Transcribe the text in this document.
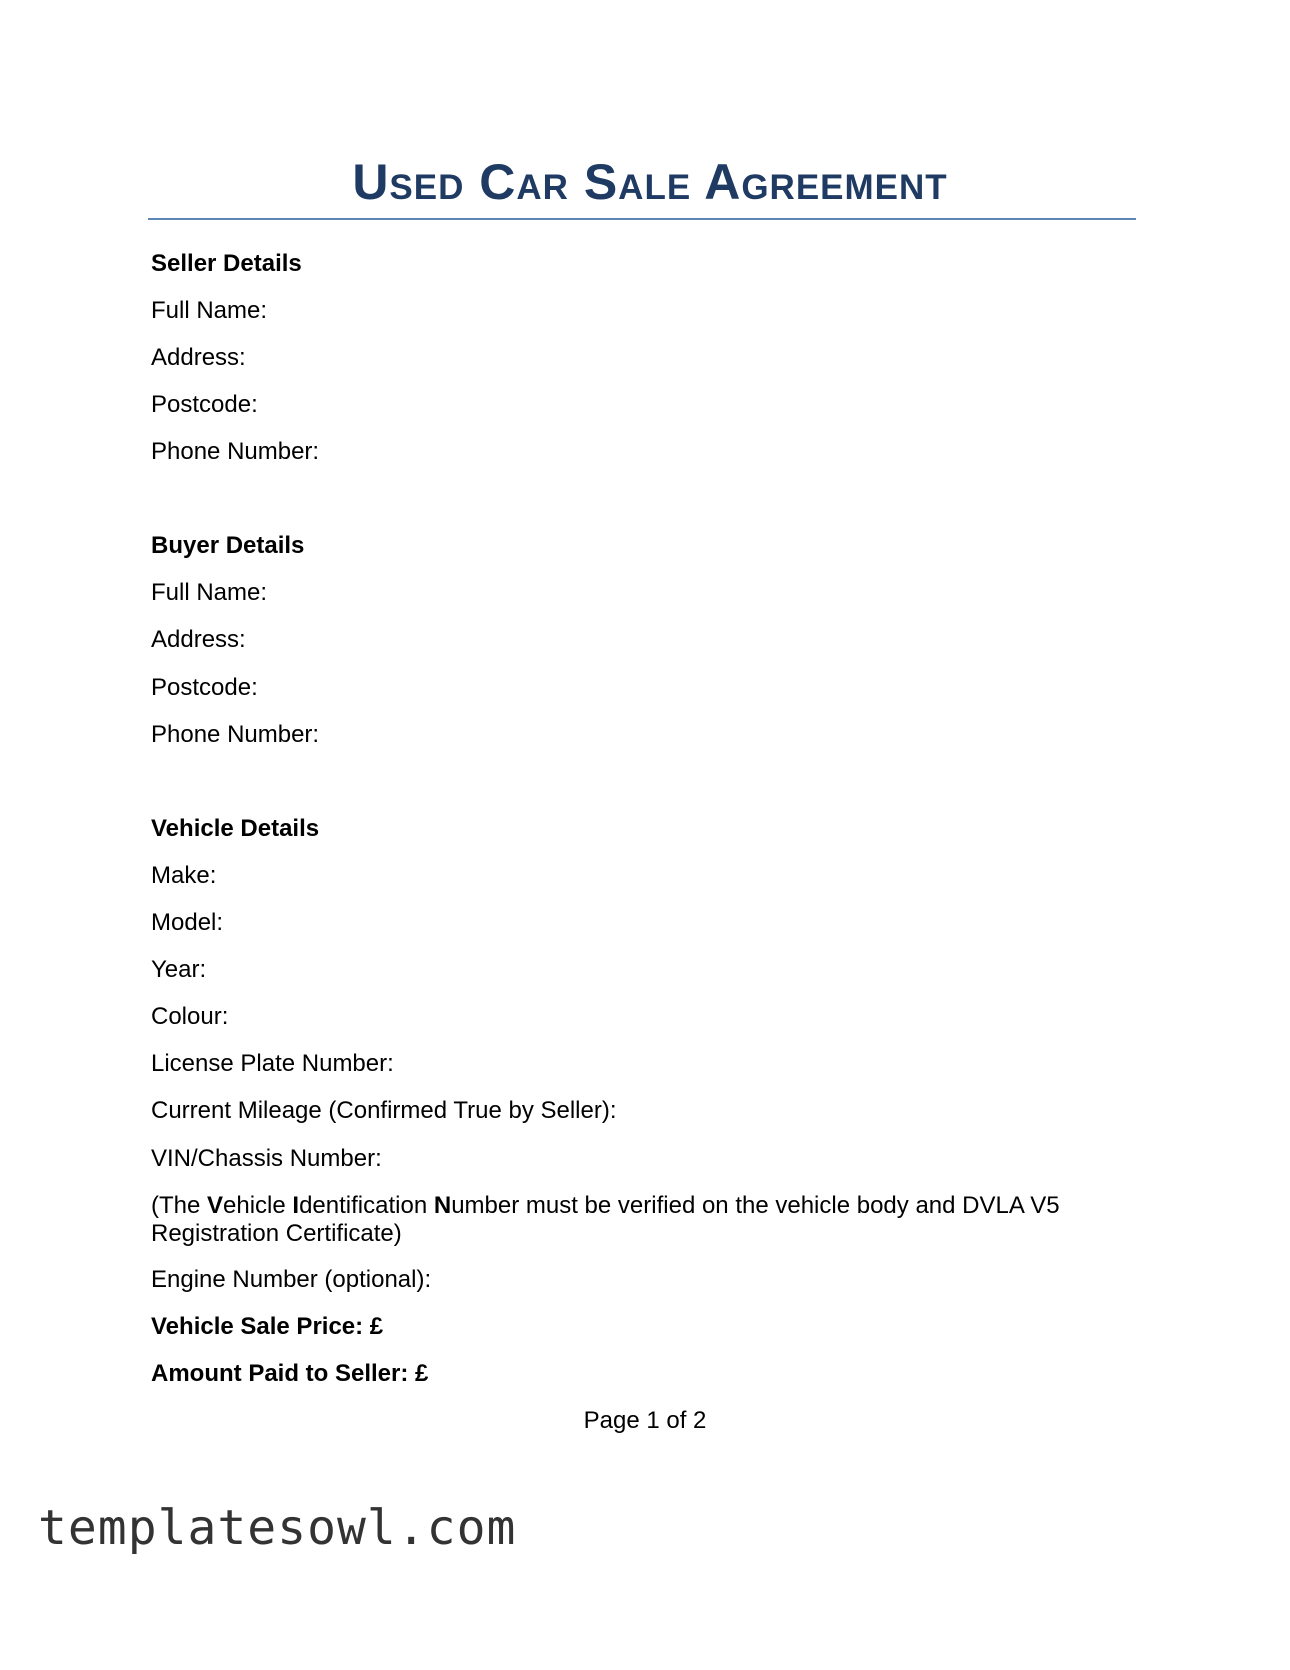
Used Car Sale Agreement
Seller Details
Full Name:
Address:
Postcode:
Phone Number:
Buyer Details
Full Name:
Address:
Postcode:
Phone Number:
Vehicle Details
Make:
Model:
Year:
Colour:
License Plate Number:
Current Mileage (Confirmed True by Seller):
VIN/Chassis Number:
(The Vehicle Identification Number must be verified on the vehicle body and DVLA V5 Registration Certificate)
Engine Number (optional):
Vehicle Sale Price: £
Amount Paid to Seller: £
Page 1 of 2
templatesowl.com
